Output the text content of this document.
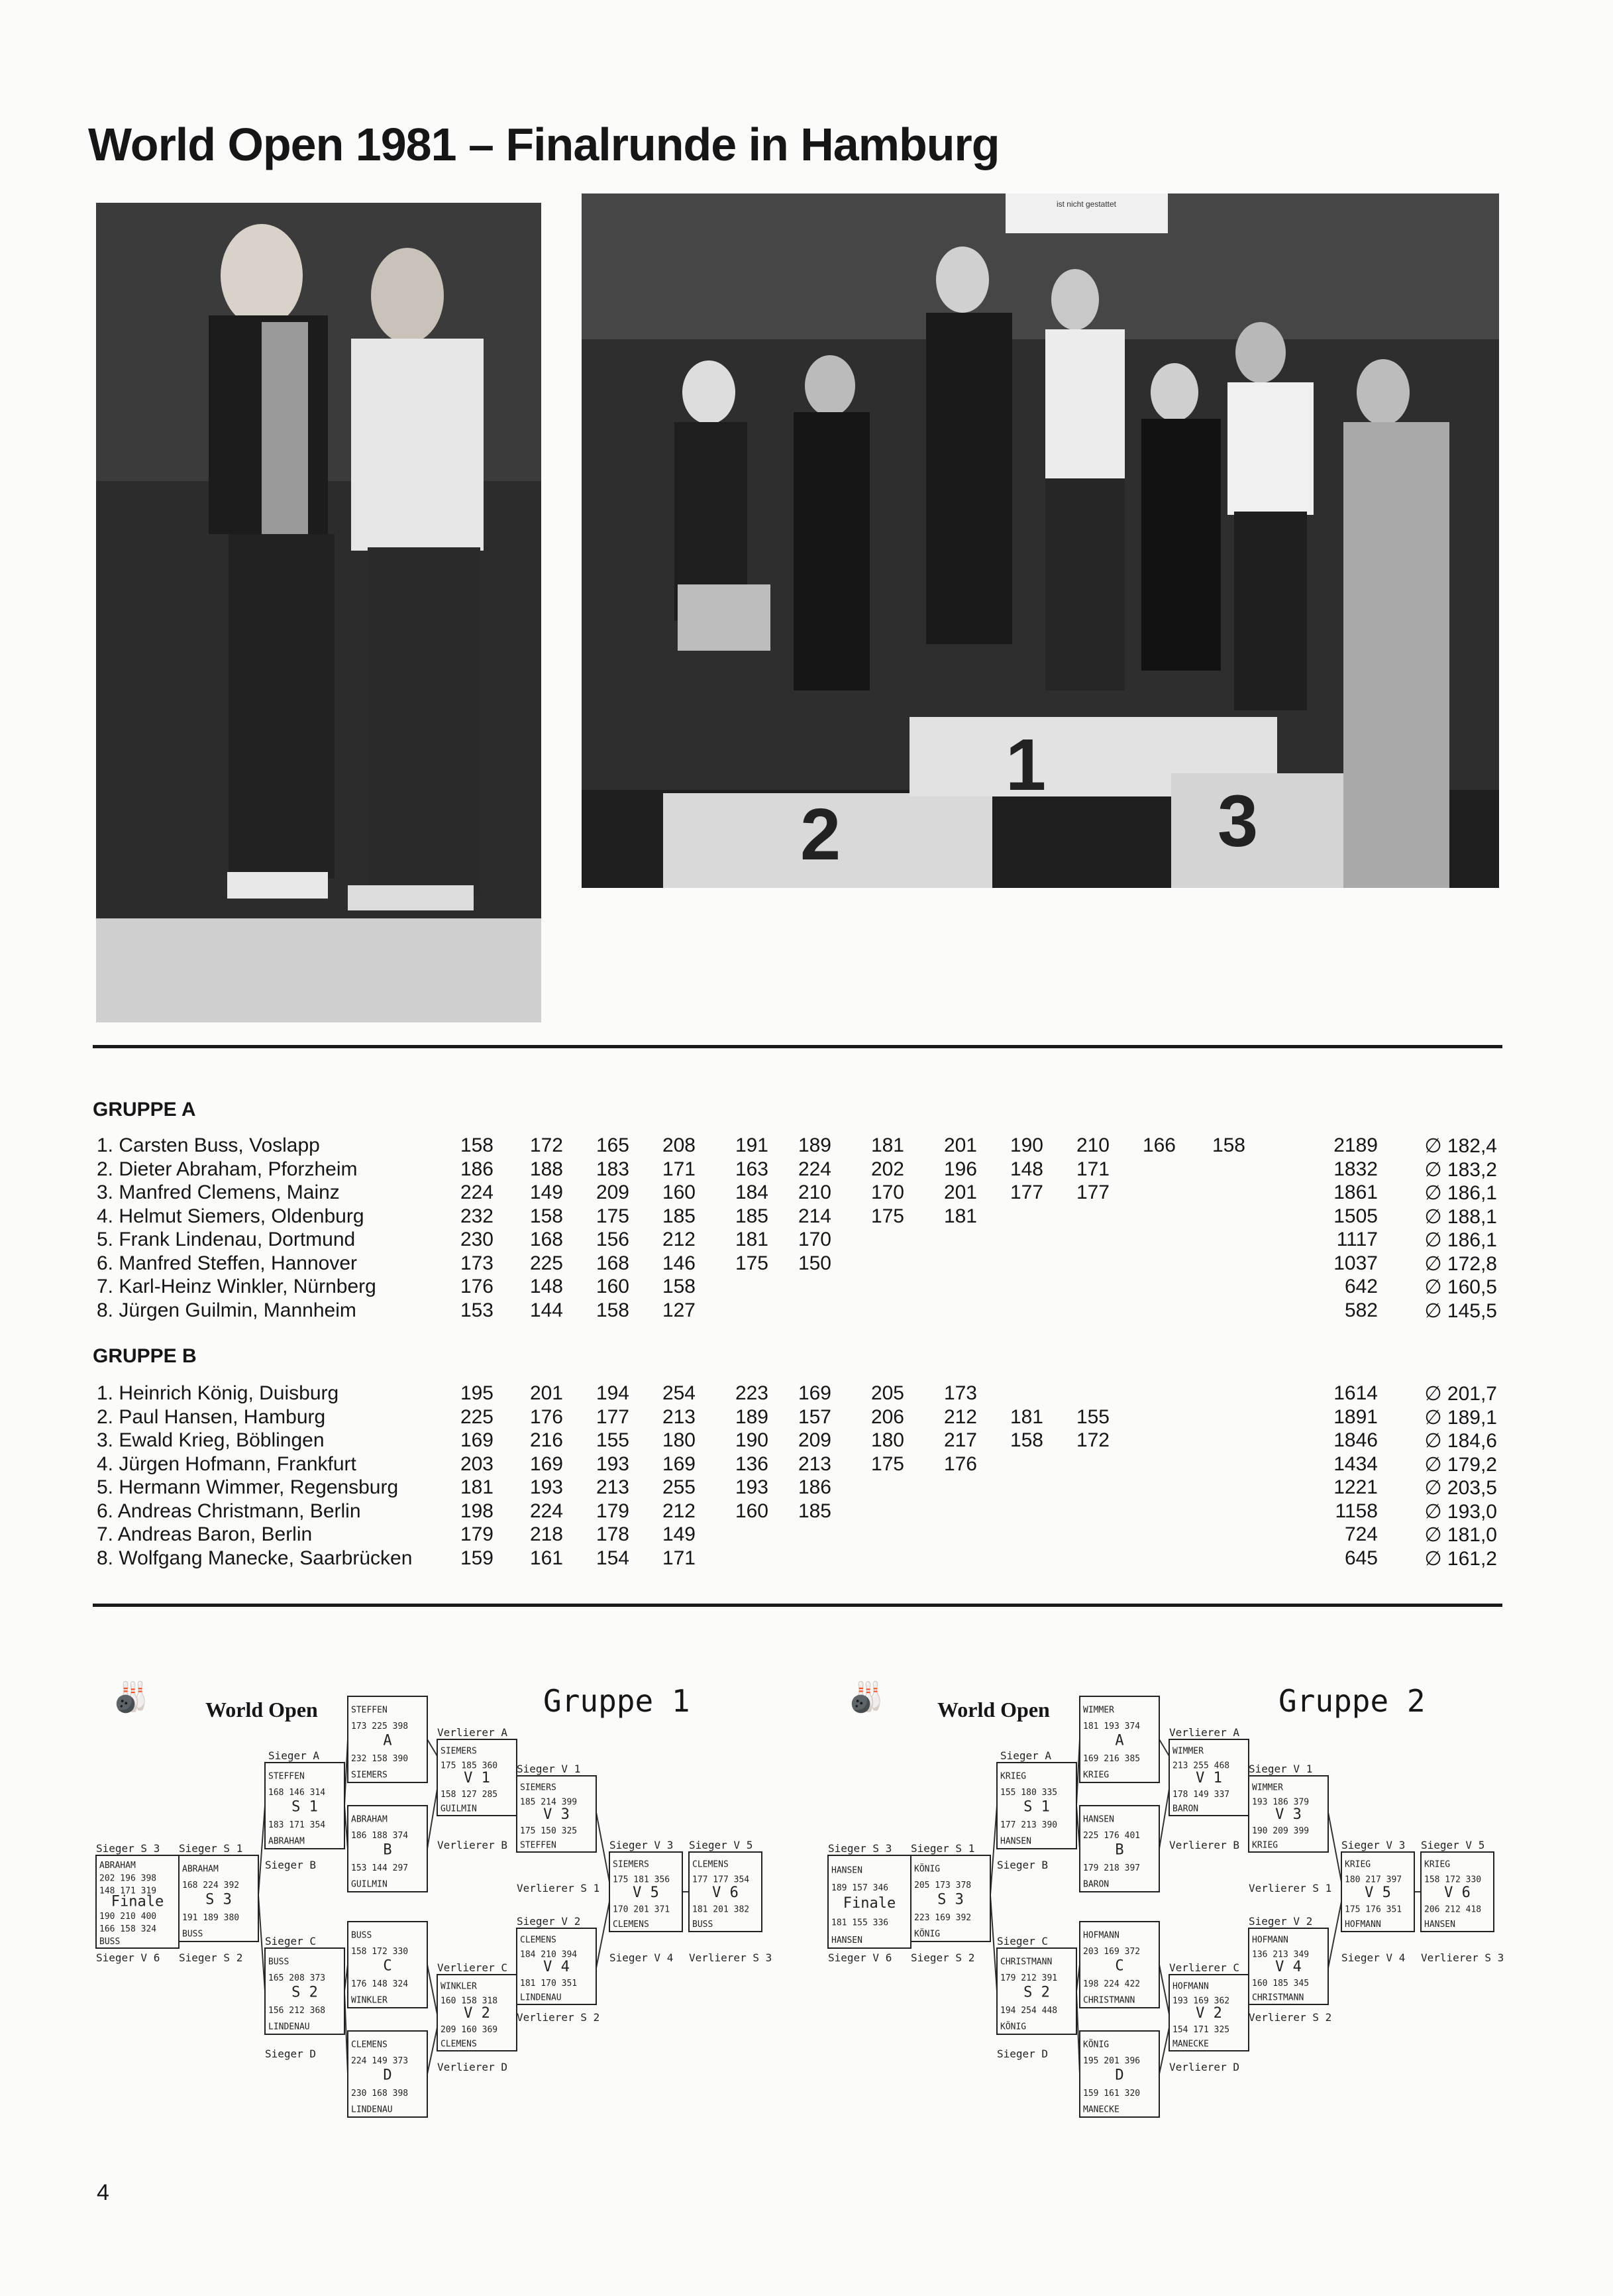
World Open 1981 – Finalrunde in Hamburg
ist nicht gestattet
2
1
3
GRUPPE A
1. Carsten Buss, Voslapp	158	172	165	208	191	189	181	201	190	210	166	158	2189	∅ 182,4
2. Dieter Abraham, Pforzheim	186	188	183	171	163	224	202	196	148	171	1832	∅ 183,2
3. Manfred Clemens, Mainz	224	149	209	160	184	210	170	201	177	177	1861	∅ 186,1
4. Helmut Siemers, Oldenburg	232	158	175	185	185	214	175	181	1505	∅ 188,1
5. Frank Lindenau, Dortmund	230	168	156	212	181	170	1117	∅ 186,1
6. Manfred Steffen, Hannover	173	225	168	146	175	150	1037	∅ 172,8
7. Karl-Heinz Winkler, Nürnberg	176	148	160	158	642	∅ 160,5
8. Jürgen Guilmin, Mannheim	153	144	158	127	582	∅ 145,5
GRUPPE B
1. Heinrich König, Duisburg	195	201	194	254	223	169	205	173	1614	∅ 201,7
2. Paul Hansen, Hamburg	225	176	177	213	189	157	206	212	181	155	1891	∅ 189,1
3. Ewald Krieg, Böblingen	169	216	155	180	190	209	180	217	158	172	1846	∅ 184,6
4. Jürgen Hofmann, Frankfurt	203	169	193	169	136	213	175	176	1434	∅ 179,2
5. Hermann Wimmer, Regensburg	181	193	213	255	193	186	1221	∅ 203,5
6. Andreas Christmann, Berlin	198	224	179	212	160	185	1158	∅ 193,0
7. Andreas Baron, Berlin	179	218	178	149	724	∅ 181,0
8. Wolfgang Manecke, Saarbrücken	159	161	154	171	645	∅ 161,2
🎳	World Open	Gruppe 1
Sieger A
Verlierer A
Sieger B
Verlierer B
Sieger C
Verlierer C
Sieger D
Verlierer D
Sieger V 1
Sieger V 2
Sieger V 3
Sieger V 4
Sieger V 5
Verlierer S 1
Verlierer S 2
Verlierer S 3
Sieger S 1
Sieger S 2
Sieger S 3
Sieger V 6
STEFFEN
173 225 398
A
232 158 390
SIEMERS
STEFFEN
168 146 314
S 1
183 171 354
ABRAHAM
ABRAHAM
186 188 374
B
153 144 297
GUILMIN
SIEMERS
175 185 360
V 1
158 127 285
GUILMIN
SIEMERS
185 214 399
V 3
175 150 325
STEFFEN
BUSS
158 172 330
C
176 148 324
WINKLER
BUSS
165 208 373
S 2
156 212 368
LINDENAU
CLEMENS
224 149 373
D
230 168 398
LINDENAU
WINKLER
160 158 318
V 2
209 160 369
CLEMENS
CLEMENS
184 210 394
V 4
181 170 351
LINDENAU
ABRAHAM
168 224 392
S 3
191 189 380
BUSS
SIEMERS
175 181 356
V 5
170 201 371
CLEMENS
CLEMENS
177 177 354
V 6
181 201 382
BUSS
ABRAHAM
202 196 398
148 171 319
Finale
190 210 400
166 158 324
BUSS
🎳	World Open	Gruppe 2
Sieger A
Verlierer A
Sieger B
Verlierer B
Sieger C
Verlierer C
Sieger D
Verlierer D
Sieger V 1
Sieger V 2
Sieger V 3
Sieger V 4
Sieger V 5
Verlierer S 1
Verlierer S 2
Verlierer S 3
Sieger S 1
Sieger S 2
Sieger S 3
Sieger V 6
WIMMER
181 193 374
A
169 216 385
KRIEG
KRIEG
155 180 335
S 1
177 213 390
HANSEN
HANSEN
225 176 401
B
179 218 397
BARON
WIMMER
213 255 468
V 1
178 149 337
BARON
WIMMER
193 186 379
V 3
190 209 399
KRIEG
HOFMANN
203 169 372
C
198 224 422
CHRISTMANN
CHRISTMANN
179 212 391
S 2
194 254 448
KÖNIG
KÖNIG
195 201 396
D
159 161 320
MANECKE
HOFMANN
193 169 362
V 2
154 171 325
MANECKE
HOFMANN
136 213 349
V 4
160 185 345
CHRISTMANN
KÖNIG
205 173 378
S 3
223 169 392
KÖNIG
KRIEG
180 217 397
V 5
175 176 351
HOFMANN
KRIEG
158 172 330
V 6
206 212 418
HANSEN
HANSEN
189 157 346
Finale
181 155 336
HANSEN
4
